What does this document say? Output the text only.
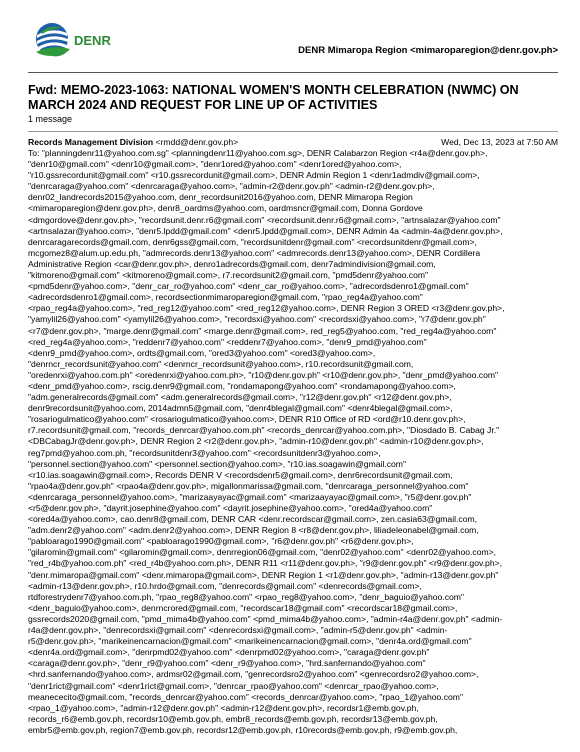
DENR
DENR Mimaropa Region <mimaroparegion@denr.gov.ph>
Fwd: MEMO-2023-1063: NATIONAL WOMEN'S MONTH CELEBRATION (NWMC) ON MARCH 2024 AND REQUEST FOR LINE UP OF ACTIVITIES
1 message
Records Management Division <rmdd@denr.gov.ph>	Wed, Dec 13, 2023 at 7:50 AM
To: "planningdenr11@yahoo.com.sg" <planningdenr11@yahoo.com.sg>, DENR Calabarzon Region <r4a@denr.gov.ph>,
"denr10@gmail.com" <denr10@gmail.com>, "denr1ored@yahoo.com" <denr1ored@yahoo.com>,
"r10.gssrecordunit@gmail.com" <r10.gssrecordunit@gmail.com>, DENR Admin Region 1 <denr1admdiv@gmail.com>,
"denrcaraga@yahoo.com" <denrcaraga@yahoo.com>, "admin-r2@denr.gov.ph" <admin-r2@denr.gov.ph>,
denr02_landrecords2015@yahoo.com, denr_recordsunit2016@yahoo.com, DENR Mimaropa Region
<mimaroparegion@denr.gov.ph>, denr8_oardms@yahoo.com, oardmsncr@gmail.com, Donna Gordove
<dmgordove@denr.gov.ph>, "recordsunit.denr.r6@gmail.com" <recordsunit.denr.r6@gmail.com>, "artnsalazar@yahoo.com"
<artnsalazar@yahoo.com>, "denr5.lpdd@gmail.com" <denr5.lpdd@gmail.com>, DENR Admin 4a <admin-4a@denr.gov.ph>,
denrcaragarecords@gmail.com, denr6gss@gmail.com, "recordsunitdenr@gmail.com" <recordsunitdenr@gmail.com>,
mcgomez8@alum.up.edu.ph, "admrecords.denr13@yahoo.com" <admrecords.denr13@yahoo.com>, DENR Cordillera
Administrative Region <car@denr.gov.ph>, denro1adrecords@gmail.com, denr7admindivision@gmail.com,
"kitmoreno@gmail.com" <kitmoreno@gmail.com>, r7.recordsunit2@gmail.com, "pmd5denr@yahoo.com"
<pmd5denr@yahoo.com>, "denr_car_ro@yahoo.com" <denr_car_ro@yahoo.com>, "adrecordsdenro1@gmail.com"
<adrecordsdenro1@gmail.com>, recordsectionmimaroparegion@gmail.com, "rpao_reg4a@yahoo.com"
<rpao_reg4a@yahoo.com>, "red_reg12@yahoo.com" <red_reg12@yahoo.com>, DENR Region 3 ORED <r3@denr.gov.ph>,
"yamylil26@yahoo.com" <yamylil26@yahoo.com>, "recordsxi@yahoo.com" <recordsxi@yahoo.com>, "r7@denr.gov.ph"
<r7@denr.gov.ph>, "marge.denr@gmail.com" <marge.denr@gmail.com>, red_reg5@yahoo.com, "red_reg4a@yahoo.com"
<red_reg4a@yahoo.com>, "reddenr7@yahoo.com" <reddenr7@yahoo.com>, "denr9_pmd@yahoo.com"
<denr9_pmd@yahoo.com>, ordts@gmail.com, "ored3@yahoo.com" <ored3@yahoo.com>,
"denrncr_recordsunit@yahoo.com" <denrncr_recordsunit@yahoo.com>, r10.recordsunit@gmail.com,
"oredenrxi@yahoo.com.ph" <oredenrxi@yahoo.com.ph>, "r10@denr.gov.ph" <r10@denr.gov.ph>, "denr_pmd@yahoo.com"
<denr_pmd@yahoo.com>, rscig.denr9@gmail.com, "rondamapong@yahoo.com" <rondamapong@yahoo.com>,
"adm.generalrecords@gmail.com" <adm.generalrecords@gmail.com>, "r12@denr.gov.ph" <r12@denr.gov.ph>,
denr9recordsunit@yahoo.com, 2014admn5@gmail.com, "denr4blegal@gmail.com" <denr4blegal@gmail.com>,
"rosariogulmatico@yahoo.com" <rosariogulmatico@yahoo.com>, DENR R10 Office of RD <ord@r10.denr.gov.ph>,
r7.recordsunit@gmail.com, "records_denrcar@yahoo.com.ph" <records_denrcar@yahoo.com.ph>, "Diosdado B. Cabag Jr."
<DBCabagJr@denr.gov.ph>, DENR Region 2 <r2@denr.gov.ph>, "admin-r10@denr.gov.ph" <admin-r10@denr.gov.ph>,
reg7pmd@yahoo.com.ph, "recordsunitdenr3@yahoo.com" <recordsunitdenr3@yahoo.com>,
"personnel.section@yahoo.com" <personnel.section@yahoo.com>, "r10.ias.soagawin@gmail.com"
<r10.ias.soagawin@gmail.com>, Records DENR V <recordsdenr5@gmail.com>, denr6recordsunit@gmail.com,
"rpao4a@denr.gov.ph" <rpao4a@denr.gov.ph>, migallonmarissa@gmail.com, "denrcaraga_personnel@yahoo.com"
<denrcaraga_personnel@yahoo.com>, "marizaayayac@gmail.com" <marizaayayac@gmail.com>, "r5@denr.gov.ph"
<r5@denr.gov.ph>, "dayrit.josephine@yahoo.com" <dayrit.josephine@yahoo.com>, "ored4a@yahoo.com"
<ored4a@yahoo.com>, cao.denr8@gmail.com, DENR CAR <denr.recordscar@gmail.com>, zen.casia63@gmail.com,
"adm.denr2@yahoo.com" <adm.denr2@yahoo.com>, DENR Region 8 <r8@denr.gov.ph>, liliadeleonabel@gmail.com,
"pabloarago1990@gmail.com" <pabloarago1990@gmail.com>, "r6@denr.gov.ph" <r6@denr.gov.ph>,
"gilaromin@gmail.com" <gilaromin@gmail.com>, denrregion06@gmail.com, "denr02@yahoo.com" <denr02@yahoo.com>,
"red_r4b@yahoo.com.ph" <red_r4b@yahoo.com.ph>, DENR R11 <r11@denr.gov.ph>, "r9@denr.gov.ph" <r9@denr.gov.ph>,
"denr.mimaropa@gmail.com" <denr.mimaropa@gmail.com>, DENR Region 1 <r1@denr.gov.ph>, "admin-r13@denr.gov.ph"
<admin-r13@denr.gov.ph>, r10.hrdo@gmail.com, "denrecords@gmail.com" <denrecords@gmail.com>,
rtdforestrydenr7@yahoo.com.ph, "rpao_reg8@yahoo.com" <rpao_reg8@yahoo.com>, "denr_baguio@yahoo.com"
<denr_baguio@yahoo.com>, denrncrored@gmail.com, "recordscar18@gmail.com" <recordscar18@gmail.com>,
gssrecords2020@gmail.com, "pmd_mima4b@yahoo.com" <pmd_mima4b@yahoo.com>, "admin-r4a@denr.gov.ph" <admin-
r4a@denr.gov.ph>, "denrecordsxi@gmail.com" <denrecordsxi@gmail.com>, "admin-r5@denr.gov.ph" <admin-
r5@denr.gov.ph>, "marikeinencarnacion@gmail.com" <marikeinencarnacion@gmail.com>, "denr4a.ord@gmail.com"
<denr4a.ord@gmail.com>, "denrpmd02@yahoo.com" <denrpmd02@yahoo.com>, "caraga@denr.gov.ph"
<caraga@denr.gov.ph>, "denr_r9@yahoo.com" <denr_r9@yahoo.com>, "hrd.sanfernando@yahoo.com"
<hrd.sanfernando@yahoo.com>, ardmsr02@gmail.com, "genrecordsro2@yahoo.com" <genrecordsro2@yahoo.com>,
"denr1rict@gmail.com" <denr1rict@gmail.com>, "denrcar_rpao@yahoo.com" <denrcar_rpao@yahoo.com>,
meanececito@gmail.com, "records_denrcar@yahoo.com" <records_denrcar@yahoo.com>, "rpao_1@yahoo.com"
<rpao_1@yahoo.com>, "admin-r12@denr.gov.ph" <admin-r12@denr.gov.ph>, recordsr1@emb.gov.ph,
records_r6@emb.gov.ph, recordsr10@emb.gov.ph, embr8_records@emb.gov.ph, recordsr13@emb.gov.ph,
embr5@emb.gov.ph, region7@emb.gov.ph, recordsr12@emb.gov.ph, r10records@emb.gov.ph, r9@emb.gov.ph,
